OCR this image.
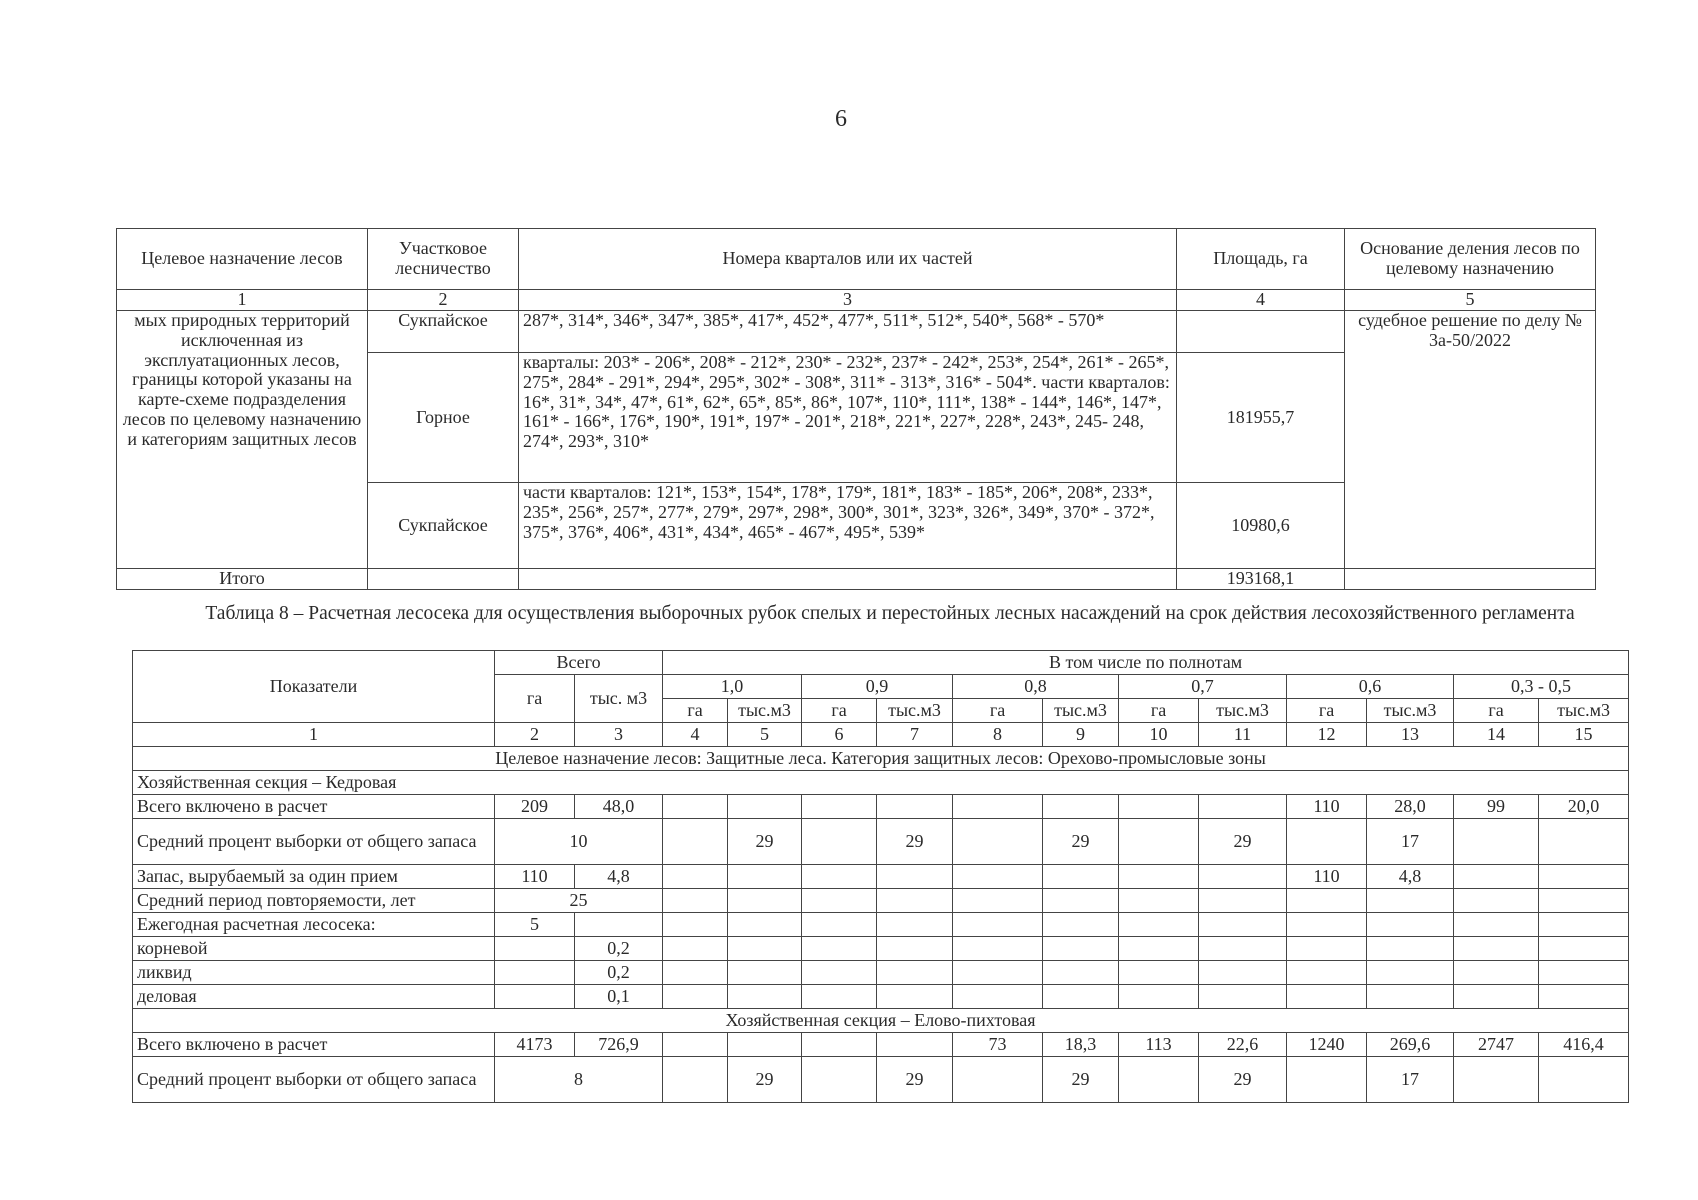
6
Целевое назначение лесов	Участковое лесничество	Номера кварталов или их частей	Площадь, га	Основание деления лесов по целевому назначению
1	2	3	4	5
мых природных территорий исключенная из эксплуатационных лесов, границы которой указаны на карте-схеме подразделения лесов по целевому назначению и категориям защитных лесов	Сукпайское	287*, 314*, 346*, 347*, 385*, 417*, 452*, 477*, 511*, 512*, 540*, 568* - 570*		судебное решение по делу № 3а-50/2022
	Горное	кварталы: 203* - 206*, 208* - 212*, 230* - 232*, 237* - 242*, 253*, 254*, 261* - 265*, 275*, 284* - 291*, 294*, 295*, 302* - 308*, 311* - 313*, 316* - 504*. части кварталов: 16*, 31*, 34*, 47*, 61*, 62*, 65*, 85*, 86*, 107*, 110*, 111*, 138* - 144*, 146*, 147*, 161* - 166*, 176*, 190*, 191*, 197* - 201*, 218*, 221*, 227*, 228*, 243*, 245- 248, 274*, 293*, 310*	181955,7	
	Сукпайское	части кварталов: 121*, 153*, 154*, 178*, 179*, 181*, 183* - 185*, 206*, 208*, 233*, 235*, 256*, 257*, 277*, 279*, 297*, 298*, 300*, 301*, 323*, 326*, 349*, 370* - 372*, 375*, 376*, 406*, 431*, 434*, 465* - 467*, 495*, 539*	10980,6	
Итого			193168,1	
Таблица 8 – Расчетная лесосека для осуществления выборочных рубок спелых и перестойных лесных насаждений на срок действия лесохозяйственного регламента
Показатели	Всего		В том числе по полнотам											
	га	тыс. м3	1,0		0,9		0,8		0,7		0,6		0,3 - 0,5	
			га	тыс.м3	га	тыс.м3	га	тыс.м3	га	тыс.м3	га	тыс.м3	га	тыс.м3
1	2	3	4	5	6	7	8	9	10	11	12	13	14	15
Целевое назначение лесов: Защитные леса. Категория защитных лесов: Орехово-промысловые зоны														
Хозяйственная секция – Кедровая														
Всего включено в расчет	209	48,0									110	28,0	99	20,0
Средний процент выборки от общего запаса	10			29		29		29		29		17		
Запас, вырубаемый за один прием	110	4,8									110	4,8		
Средний период повторяемости, лет	25													
Ежегодная расчетная лесосека:	5													
корневой		0,2												
ликвид		0,2												
деловая		0,1												
Хозяйственная секция – Елово-пихтовая														
Всего включено в расчет	4173	726,9					73	18,3	113	22,6	1240	269,6	2747	416,4
Средний процент выборки от общего запаса	8			29		29		29		29		17		
